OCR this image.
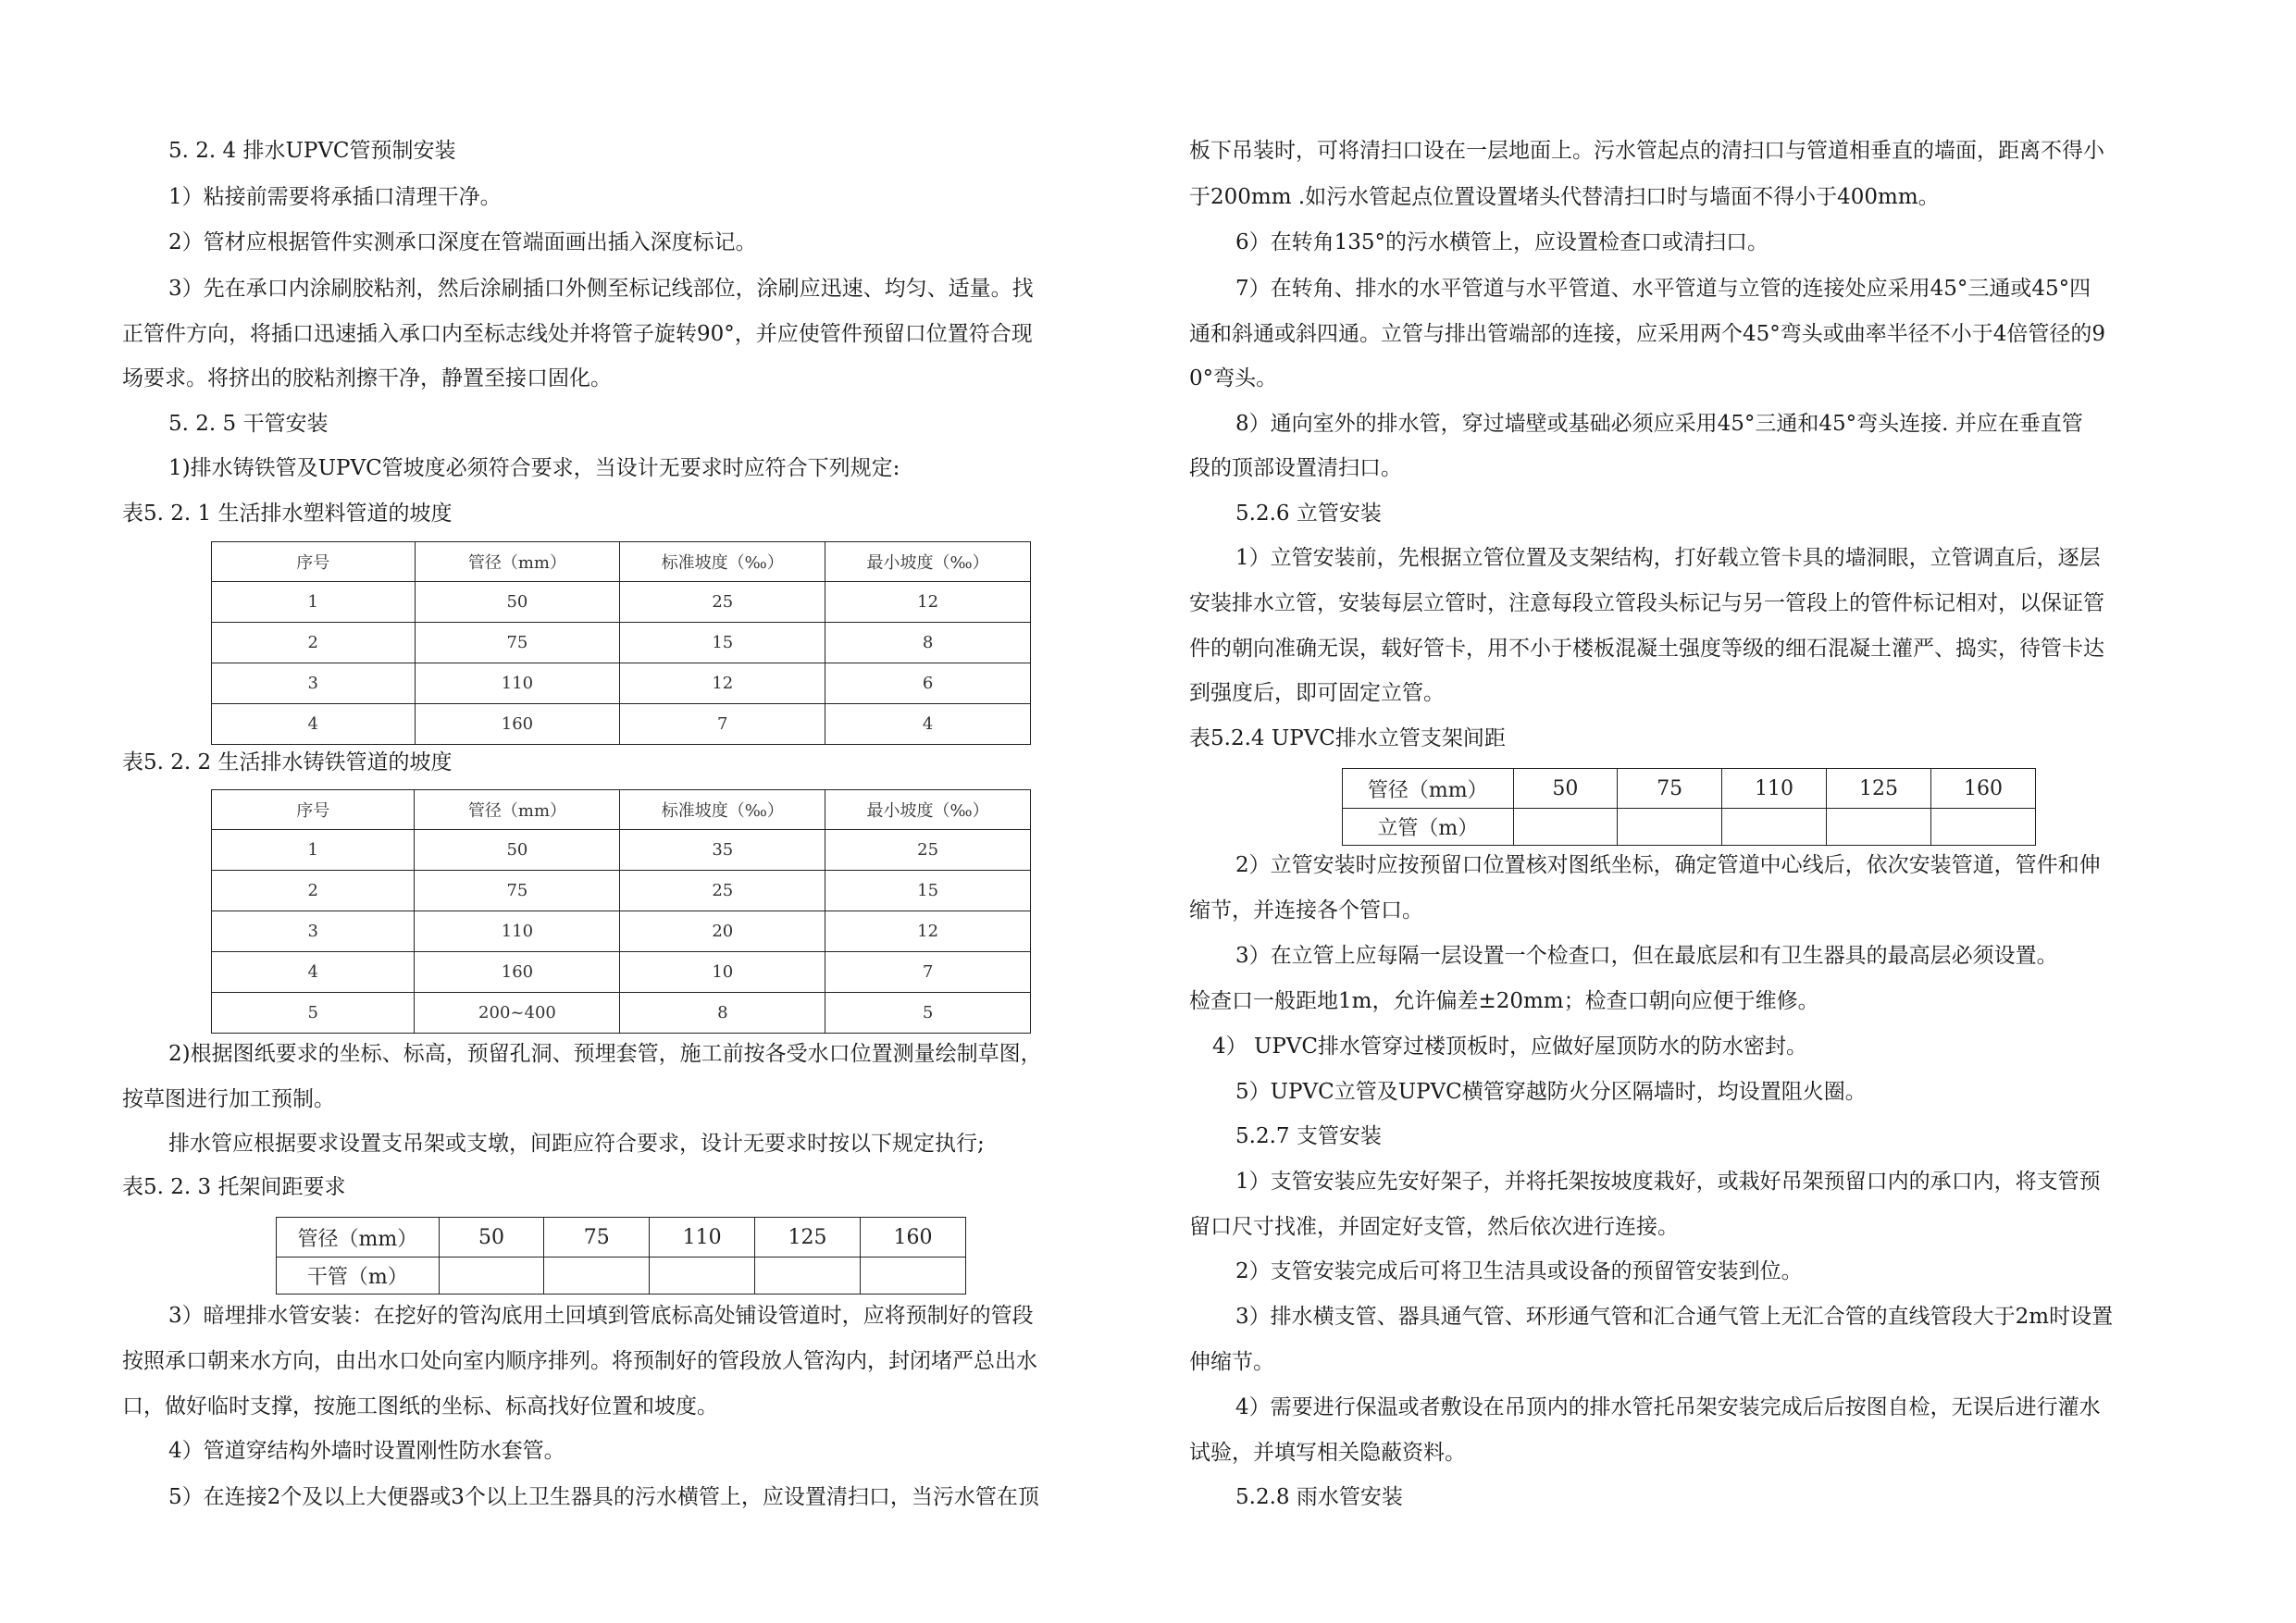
5. 2. 4 排水UPVC管预制安装
1）粘接前需要将承插口清理干净。
2）管材应根据管件实测承口深度在管端面画出插入深度标记。
3）先在承口内涂刷胶粘剂，然后涂刷插口外侧至标记线部位，涂刷应迅速、均匀、适量。找
正管件方向，将插口迅速插入承口内至标志线处并将管子旋转90°，并应使管件预留口位置符合现
场要求。将挤出的胶粘剂擦干净，静置至接口固化。
5. 2. 5 干管安装
1)排水铸铁管及UPVC管坡度必须符合要求，当设计无要求时应符合下列规定:
表5. 2. 1 生活排水塑料管道的坡度
序号	管径（mm）	标准坡度（‰）	最小坡度（‰）
1	50	25	12
2	75	15	8
3	110	12	6
4	160	7	4
表5. 2. 2 生活排水铸铁管道的坡度
序号	管径（mm）	标准坡度（‰）	最小坡度（‰）
1	50	35	25
2	75	25	15
3	110	20	12
4	160	10	7
5	200~400	8	5
2)根据图纸要求的坐标、标高，预留孔洞、预埋套管，施工前按各受水口位置测量绘制草图，
按草图进行加工预制。
排水管应根据要求设置支吊架或支墩，间距应符合要求，设计无要求时按以下规定执行;
表5. 2. 3 托架间距要求
管径（mm）	50	75	110	125	160
干管（m）					
3）暗埋排水管安装：在挖好的管沟底用土回填到管底标高处铺设管道时，应将预制好的管段
按照承口朝来水方向，由出水口处向室内顺序排列。将预制好的管段放人管沟内，封闭堵严总出水
口，做好临时支撑，按施工图纸的坐标、标高找好位置和坡度。
4）管道穿结构外墙时设置刚性防水套管。
5）在连接2个及以上大便器或3个以上卫生器具的污水横管上，应设置清扫口，当污水管在顶
板下吊装时，可将清扫口设在一层地面上。污水管起点的清扫口与管道相垂直的墙面，距离不得小
于200mm .如污水管起点位置设置堵头代替清扫口时与墙面不得小于400mm。
6）在转角135°的污水横管上，应设置检查口或清扫口。
7）在转角、排水的水平管道与水平管道、水平管道与立管的连接处应采用45°三通或45°四
通和斜通或斜四通。立管与排出管端部的连接，应采用两个45°弯头或曲率半径不小于4倍管径的9
0°弯头。
8）通向室外的排水管，穿过墙壁或基础必须应采用45°三通和45°弯头连接. 并应在垂直管
段的顶部设置清扫口。
5.2.6 立管安装
1）立管安装前，先根据立管位置及支架结构，打好载立管卡具的墙洞眼，立管调直后，逐层
安装排水立管，安装每层立管时，注意每段立管段头标记与另一管段上的管件标记相对，以保证管
件的朝向准确无误，载好管卡，用不小于楼板混凝土强度等级的细石混凝土灌严、捣实，待管卡达
到强度后，即可固定立管。
表5.2.4 UPVC排水立管支架间距
管径（mm）	50	75	110	125	160
立管（m）					
2）立管安装时应按预留口位置核对图纸坐标，确定管道中心线后，依次安装管道，管件和伸
缩节，并连接各个管口。
3）在立管上应每隔一层设置一个检查口，但在最底层和有卫生器具的最高层必须设置。
检查口一般距地1m，允许偏差±20mm；检查口朝向应便于维修。
4） UPVC排水管穿过楼顶板时，应做好屋顶防水的防水密封。
5）UPVC立管及UPVC横管穿越防火分区隔墙时，均设置阻火圈。
5.2.7 支管安装
1）支管安装应先安好架子，并将托架按坡度栽好，或栽好吊架预留口内的承口内，将支管预
留口尺寸找准，并固定好支管，然后依次进行连接。
2）支管安装完成后可将卫生洁具或设备的预留管安装到位。
3）排水横支管、器具通气管、环形通气管和汇合通气管上无汇合管的直线管段大于2m时设置
伸缩节。
4）需要进行保温或者敷设在吊顶内的排水管托吊架安装完成后后按图自检，无误后进行灌水
试验，并填写相关隐蔽资料。
5.2.8 雨水管安装
